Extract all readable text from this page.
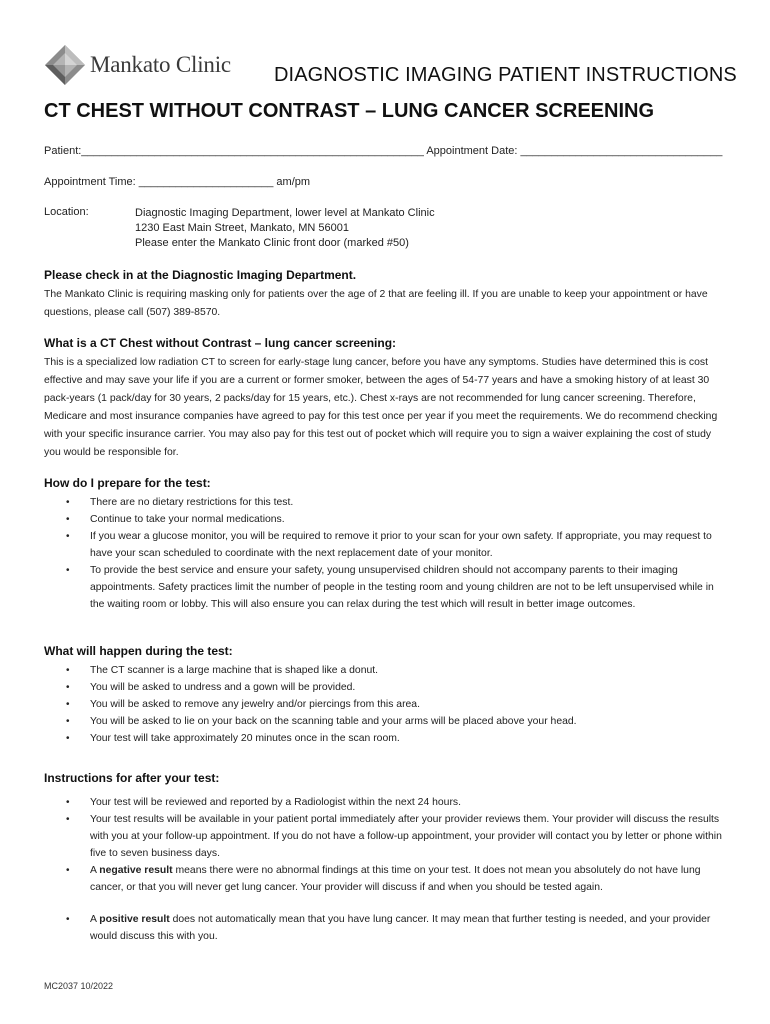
Mankato Clinic DIAGNOSTIC IMAGING PATIENT INSTRUCTIONS
CT CHEST WITHOUT CONTRAST – LUNG CANCER SCREENING
Patient:________________________________________________________ Appointment Date: _________________________________
Appointment Time: ______________________ am/pm
Location:	Diagnostic Imaging Department, lower level at Mankato Clinic
1230 East Main Street, Mankato, MN 56001
Please enter the Mankato Clinic front door (marked #50)

Please check in at the Diagnostic Imaging Department.

The Mankato Clinic is requiring masking only for patients over the age of 2 that are feeling ill. If you are unable to keep your appointment or have questions, please call (507) 389-8570.

What is a CT Chest without Contrast – lung cancer screening:

This is a specialized low radiation CT to screen for early-stage lung cancer, before you have any symptoms. Studies have determined this is cost effective and may save your life if you are a current or former smoker, between the ages of 54-77 years and have a smoking history of at least 30 pack-years (1 pack/day for 30 years, 2 packs/day for 15 years, etc.). Chest x-rays are not recommended for lung cancer screening. Therefore, Medicare and most insurance companies have agreed to pay for this test once per year if you meet the requirements. We do recommend checking with your specific insurance carrier. You may also pay for this test out of pocket which will require you to sign a waiver explaining the cost of study you would be responsible for.

How do I prepare for the test:

• There are no dietary restrictions for this test.
• Continue to take your normal medications.
• If you wear a glucose monitor, you will be required to remove it prior to your scan for your own safety. If appropriate, you may request to have your scan scheduled to coordinate with the next replacement date of your monitor.
• To provide the best service and ensure your safety, young unsupervised children should not accompany parents to their imaging appointments. Safety practices limit the number of people in the testing room and young children are not to be left unsupervised while in the waiting room or lobby. This will also ensure you can relax during the test which will result in better image outcomes.

What will happen during the test:

• The CT scanner is a large machine that is shaped like a donut.
• You will be asked to undress and a gown will be provided.
• You will be asked to remove any jewelry and/or piercings from this area.
• You will be asked to lie on your back on the scanning table and your arms will be placed above your head.
• Your test will take approximately 20 minutes once in the scan room.

Instructions for after your test:

• Your test will be reviewed and reported by a Radiologist within the next 24 hours.
• Your test results will be available in your patient portal immediately after your provider reviews them. Your provider will discuss the results with you at your follow-up appointment. If you do not have a follow-up appointment, your provider will contact you by letter or phone within five to seven business days.
• A negative result means there were no abnormal findings at this time on your test. It does not mean you absolutely do not have lung cancer, or that you will never get lung cancer. Your provider will discuss if and when you should be tested again.
• A positive result does not automatically mean that you have lung cancer. It may mean that further testing is needed, and your provider would discuss this with you.
MC2037 10/2022
